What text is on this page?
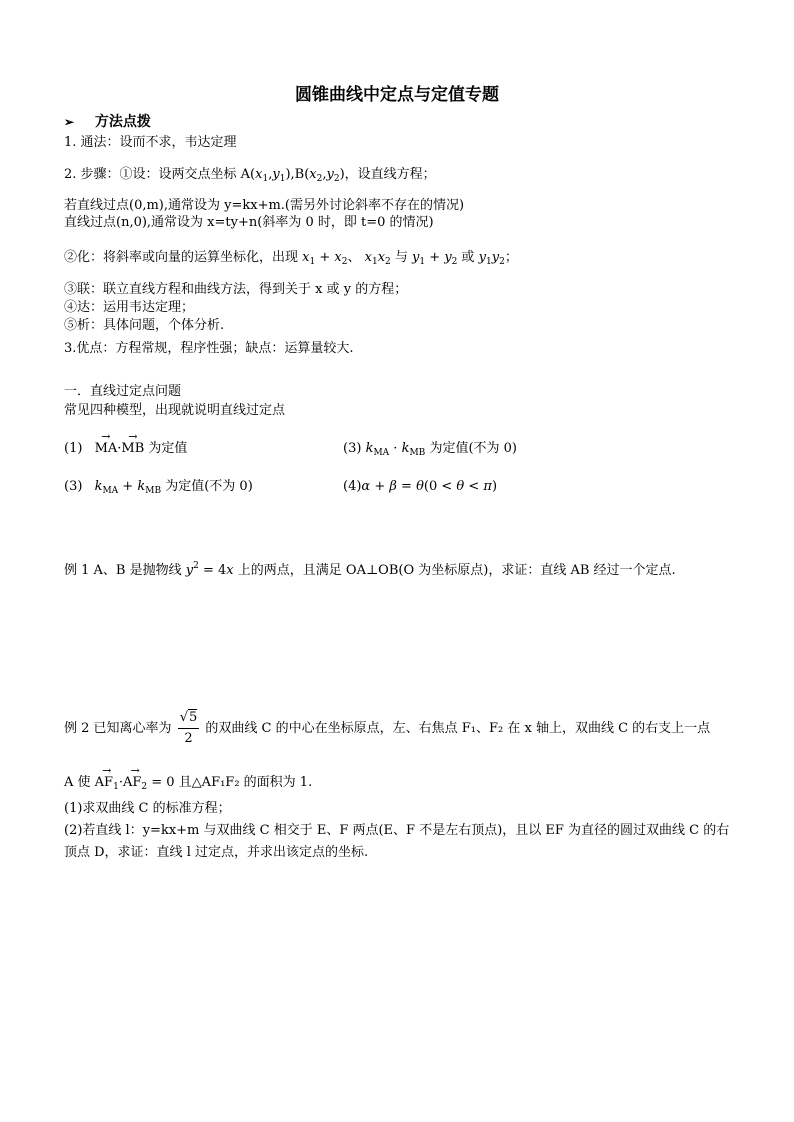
圆锥曲线中定点与定值专题
➢ 方法点拨
1. 通法：设而不求，韦达定理
2. 步骤：①设：设两交点坐标 $A(x_1,y_1),B(x_2,y_2)$，设直线方程；
若直线过点(0,m),通常设为 y=kx+m.(需另外讨论斜率不存在的情况)
直线过点(n,0),通常设为 x=ty+n(斜率为 0 时，即 t=0 的情况)
②化：将斜率或向量的运算坐标化，出现 $x_1 + x_2$、 $x_1x_2$ 与 $y_1 + y_2$ 或 $y_1y_2$；
③联：联立直线方程和曲线方法，得到关于 x 或 y 的方程；
④达：运用韦达定理；
⑤析：具体问题，个体分析.
3.优点：方程常规，程序性强；缺点：运算量较大.
一．直线过定点问题
常见四种模型，出现就说明直线过定点
(1) → MA·→ MB 为定值	(3) $k_{MA} \cdot k_{MB}$ 为定值(不为 0)
(3) $k_{MA} + k_{MB}$ 为定值(不为 0)	(4)α + β = θ(0 < θ < π)
例 1 A、B 是抛物线 $y^2 = 4x$ 上的两点，且满足 OA⊥OB(O 为坐标原点)，求证：直线 AB 经过一个定点.
例 2 已知离心率为 $\frac{√5}{2}$ 的双曲线 C 的中心在坐标原点，左、右焦点 F₁、F₂ 在 x 轴上，双曲线 C 的右支上一点
A 使 → $AF_1\cdot\to AF_2 = 0$ 且△AF₁F₂ 的面积为 1.
(1)求双曲线 C 的标准方程；
(2)若直线 l：y=kx+m 与双曲线 C 相交于 E、F 两点(E、F 不是左右顶点)，且以 EF 为直径的圆过双曲线 C 的右
顶点 D，求证：直线 l 过定点，并求出该定点的坐标.
